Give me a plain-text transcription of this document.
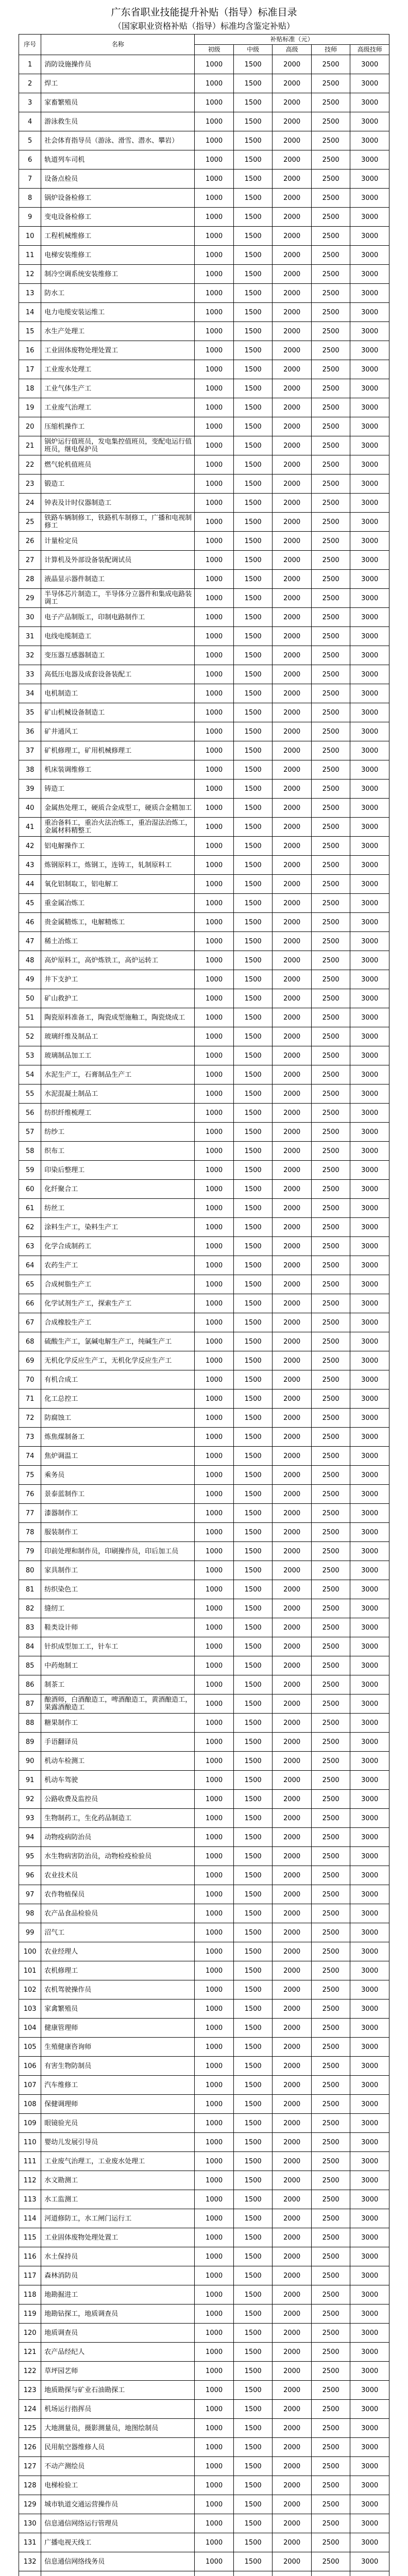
广东省职业技能提升补贴（指导）标准目录

（国家职业资格补贴（指导）标准均含鉴定补贴）

序号	名称	补贴标准（元）				
		初级	中级	高级	技师	高级技师
1	消防设施操作员	1000	1500	2000	2500	3000
2	焊工	1000	1500	2000	2500	3000
3	家畜繁殖员	1000	1500	2000	2500	3000
4	游泳救生员	1000	1500	2000	2500	3000
5	社会体育指导员（游泳、滑雪、潜水、攀岩）	1000	1500	2000	2500	3000
6	轨道列车司机	1000	1500	2000	2500	3000
7	设备点检员	1000	1500	2000	2500	3000
8	锅炉设备检修工	1000	1500	2000	2500	3000
9	变电设备检修工	1000	1500	2000	2500	3000
10	工程机械维修工	1000	1500	2000	2500	3000
11	电梯安装维修工	1000	1500	2000	2500	3000
12	制冷空调系统安装维修工	1000	1500	2000	2500	3000
13	防水工	1000	1500	2000	2500	3000
14	电力电缆安装运维工	1000	1500	2000	2500	3000
15	水生产处理工	1000	1500	2000	2500	3000
16	工业固体废物处理处置工	1000	1500	2000	2500	3000
17	工业废水处理工	1000	1500	2000	2500	3000
18	工业气体生产工	1000	1500	2000	2500	3000
19	工业废气治理工	1000	1500	2000	2500	3000
20	压缩机操作工	1000	1500	2000	2500	3000
21	锅炉运行值班员，发电集控值班员，变配电运行值班员，继电保护员	1000	1500	2000	2500	3000
22	燃气轮机值班员	1000	1500	2000	2500	3000
23	锻造工	1000	1500	2000	2500	3000
24	钟表及计时仪器制造工	1000	1500	2000	2500	3000
25	铁路车辆制修工，铁路机车制修工，广播和电视制修工	1000	1500	2000	2500	3000
26	计量检定员	1000	1500	2000	2500	3000
27	计算机及外部设备装配调试员	1000	1500	2000	2500	3000
28	液晶显示器件制造工	1000	1500	2000	2500	3000
29	半导体芯片制造工，半导体分立器件和集成电路装调工	1000	1500	2000	2500	3000
30	电子产品制版工，印制电路制作工	1000	1500	2000	2500	3000
31	电线电缆制造工	1000	1500	2000	2500	3000
32	变压器互感器制造工	1000	1500	2000	2500	3000
33	高低压电器及成套设备装配工	1000	1500	2000	2500	3000
34	电机制造工	1000	1500	2000	2500	3000
35	矿山机械设备制造工	1000	1500	2000	2500	3000
36	矿井通风工	1000	1500	2000	2500	3000
37	矿机修理工，矿用机械修理工	1000	1500	2000	2500	3000
38	机床装调维修工	1000	1500	2000	2500	3000
39	铸造工	1000	1500	2000	2500	3000
40	金属热处理工，硬质合金成型工，硬质合金精加工	1000	1500	2000	2500	3000
41	重冶备料工，重冶火法冶炼工，重冶湿法冶炼工，金属材料精整工	1000	1500	2000	2500	3000
42	铝电解操作工	1000	1500	2000	2500	3000
43	炼钢原料工，炼钢工，连铸工，轧制原料工	1000	1500	2000	2500	3000
44	氧化铝制取工，铝电解工	1000	1500	2000	2500	3000
45	重金属冶炼工	1000	1500	2000	2500	3000
46	贵金属精炼工，电解精炼工	1000	1500	2000	2500	3000
47	稀土冶炼工	1000	1500	2000	2500	3000
48	高炉原料工，高炉炼铁工，高炉运转工	1000	1500	2000	2500	3000
49	井下支护工	1000	1500	2000	2500	3000
50	矿山救护工	1000	1500	2000	2500	3000
51	陶瓷原料准备工，陶瓷成型施釉工，陶瓷烧成工	1000	1500	2000	2500	3000
52	玻璃纤维及制品工	1000	1500	2000	2500	3000
53	玻璃制品加工工	1000	1500	2000	2500	3000
54	水泥生产工，石膏制品生产工	1000	1500	2000	2500	3000
55	水泥混凝土制品工	1000	1500	2000	2500	3000
56	纺织纤维梳理工	1000	1500	2000	2500	3000
57	纺纱工	1000	1500	2000	2500	3000
58	织布工	1000	1500	2000	2500	3000
59	印染后整理工	1000	1500	2000	2500	3000
60	化纤聚合工	1000	1500	2000	2500	3000
61	纺丝工	1000	1500	2000	2500	3000
62	涂料生产工，染料生产工	1000	1500	2000	2500	3000
63	化学合成制药工	1000	1500	2000	2500	3000
64	农药生产工	1000	1500	2000	2500	3000
65	合成树脂生产工	1000	1500	2000	2500	3000
66	化学试剂生产工，探索生产工	1000	1500	2000	2500	3000
67	合成橡胶生产工	1000	1500	2000	2500	3000
68	硫酸生产工，氯碱电解生产工，纯碱生产工	1000	1500	2000	2500	3000
69	无机化学反应生产工，无机化学反应生产工	1000	1500	2000	2500	3000
70	有机合成工	1000	1500	2000	2500	3000
71	化工总控工	1000	1500	2000	2500	3000
72	防腐蚀工	1000	1500	2000	2500	3000
73	炼焦煤制备工	1000	1500	2000	2500	3000
74	焦炉调温工	1000	1500	2000	2500	3000
75	乘务员	1000	1500	2000	2500	3000
76	景泰蓝制作工	1000	1500	2000	2500	3000
77	漆器制作工	1000	1500	2000	2500	3000
78	服装制作工	1000	1500	2000	2500	3000
79	印前处理和制作员，印刷操作员，印后加工员	1000	1500	2000	2500	3000
80	家具制作工	1000	1500	2000	2500	3000
81	纺织染色工	1000	1500	2000	2500	3000
82	缝纫工	1000	1500	2000	2500	3000
83	鞋类设计师	1000	1500	2000	2500	3000
84	针织成型加工工，针车工	1000	1500	2000	2500	3000
85	中药炮制工	1000	1500	2000	2500	3000
86	制茶工	1000	1500	2000	2500	3000
87	酿酒师，白酒酿造工，啤酒酿造工，黄酒酿造工，果露酒酿造工	1000	1500	2000	2500	3000
88	糖果制作工	1000	1500	2000	2500	3000
89	手语翻译员	1000	1500	2000	2500	3000
90	机动车检测工	1000	1500	2000	2500	3000
91	机动车驾驶	1000	1500	2000	2500	3000
92	公路收费及监控员	1000	1500	2000	2500	3000
93	生物制药工，生化药品制造工	1000	1500	2000	2500	3000
94	动物疫病防治员	1000	1500	2000	2500	3000
95	水生物病害防治员，动物检疫检验员	1000	1500	2000	2500	3000
96	农业技术员	1000	1500	2000	2500	3000
97	农作物植保员	1000	1500	2000	2500	3000
98	农产品食品检验员	1000	1500	2000	2500	3000
99	沼气工	1000	1500	2000	2500	3000
100	农业经理人	1000	1500	2000	2500	3000
101	农机修理工	1000	1500	2000	2500	3000
102	农机驾驶操作员	1000	1500	2000	2500	3000
103	家禽繁殖员	1000	1500	2000	2500	3000
104	健康管理师	1000	1500	2000	2500	3000
105	生殖健康咨询师	1000	1500	2000	2500	3000
106	有害生物防制员	1000	1500	2000	2500	3000
107	汽车维修工	1000	1500	2000	2500	3000
108	保健调理师	1000	1500	2000	2500	3000
109	眼镜验光员	1000	1500	2000	2500	3000
110	婴幼儿发展引导员	1000	1500	2000	2500	3000
111	工业废气治理工，工业废水处理工	1000	1500	2000	2500	3000
112	水文勘测工	1000	1500	2000	2500	3000
113	水工监测工	1000	1500	2000	2500	3000
114	河道修防工，水工闸门运行工	1000	1500	2000	2500	3000
115	工业固体废物处理处置工	1000	1500	2000	2500	3000
116	水土保持员	1000	1500	2000	2500	3000
117	森林消防员	1000	1500	2000	2500	3000
118	地勘掘进工	1000	1500	2000	2500	3000
119	地勘钻探工，地质调查员	1000	1500	2000	2500	3000
120	地质调查员	1000	1500	2000	2500	3000
121	农产品经纪人	1000	1500	2000	2500	3000
122	草坪园艺师	1000	1500	2000	2500	3000
123	地质勘探与矿业石油勘探工	1000	1500	2000	2500	3000
124	机场运行指挥员	1000	1500	2000	2500	3000
125	大地测量员，摄影测量员，地图绘制员	1000	1500	2000	2500	3000
126	民用航空器维修人员	1000	1500	2000	2500	3000
127	不动产测绘员	1000	1500	2000	2500	3000
128	电梯检验工	1000	1500	2000	2500	3000
129	城市轨道交通运营操作员	1000	1500	2000	2500	3000
130	信息通信网络运行管理员	1000	1500	2000	2500	3000
131	广播电视天线工	1000	1500	2000	2500	3000
132	信息通信网络线务员	1000	1500	2000	2500	3000
